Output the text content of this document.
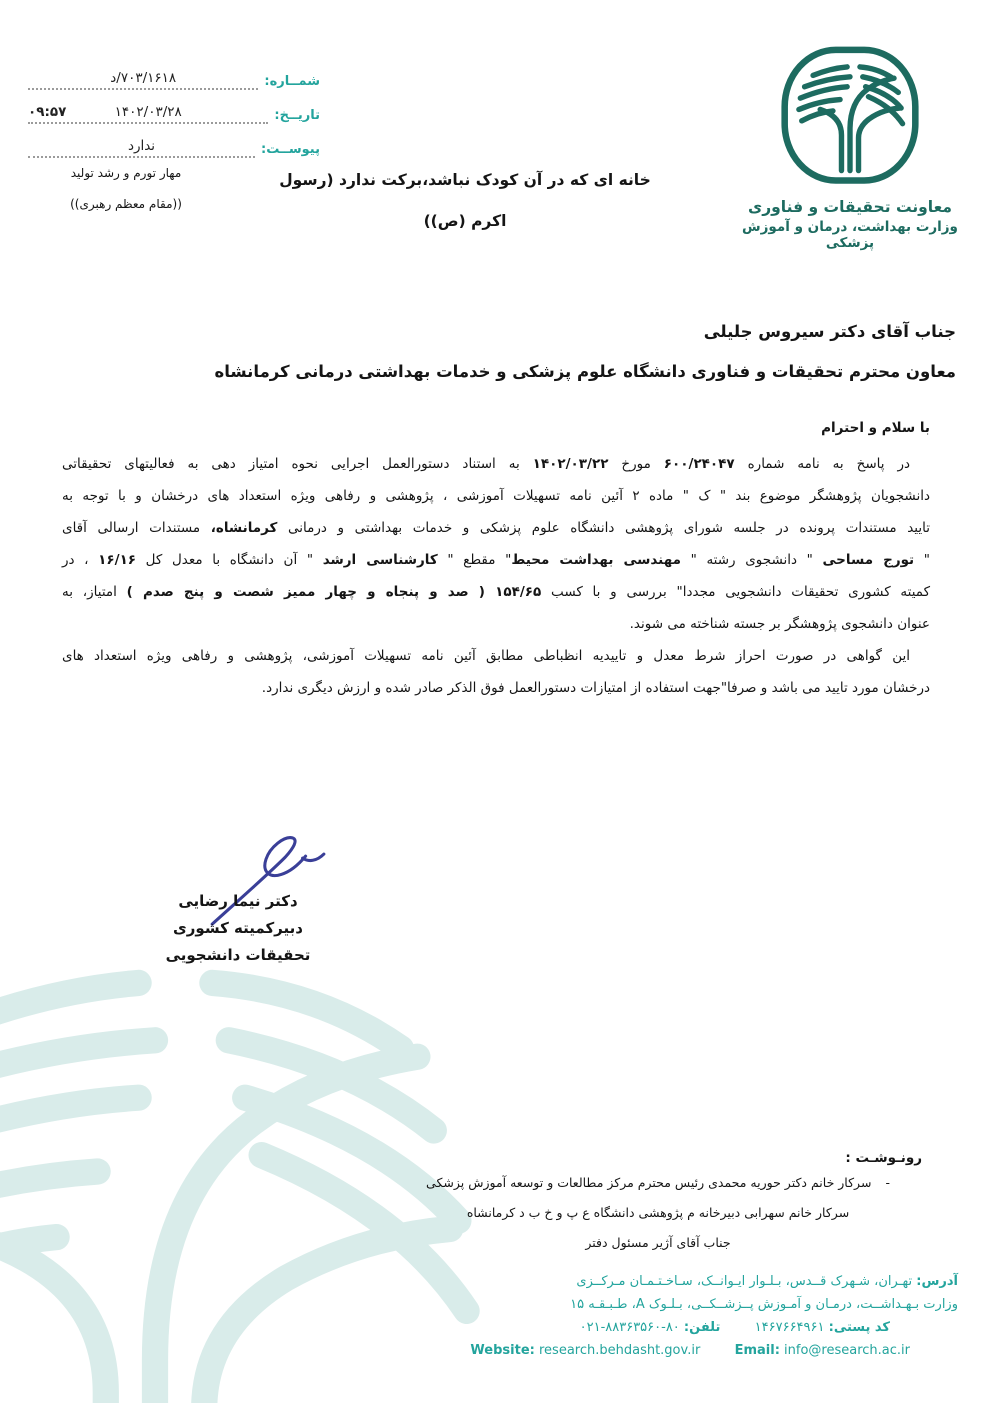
شمــاره:
۷۰۳/۱۶۱۸/د
تاریــخ:
۱۴۰۲/۰۳/۲۸
۰۹:۵۷
پیوســت:
ندارد
معاونت تحقیقات و فناوری
وزارت بهداشت، درمان و آموزش پزشکی
خانه ای که در آن کودک نباشد،برکت ندارد (رسول اکرم (ص))
مهار تورم و رشد تولید
((مقام معظم رهبری))
جناب آقای دکتر سیروس جلیلی
معاون محترم تحقیقات و فناوری دانشگاه علوم پزشکی و خدمات بهداشتی درمانی کرمانشاه
با سلام و احترام
در پاسخ به نامه شماره ۶۰۰/۲۴۰۴۷ مورخ ۱۴۰۲/۰۳/۲۲ به استناد دستورالعمل اجرایی نحوه امتیاز دهی به فعالیتهای تحقیقاتی
دانشجویان پژوهشگر موضوع بند " ک " ماده ۲ آئین نامه تسهیلات آموزشی ، پژوهشی و رفاهی ویژه استعداد های درخشان و با توجه به
تایید مستندات پرونده در جلسه شورای پژوهشی دانشگاه علوم پزشکی و خدمات بهداشتی و درمانی کرمانشاه، مستندات ارسالی آقای
" تورج مساحی " دانشجوی رشته " مهندسی بهداشت محیط" مقطع " کارشناسی ارشد " آن دانشگاه با معدل کل ۱۶/۱۶ ، در
کمیته کشوری تحقیقات دانشجویی مجددا" بررسی و با کسب ۱۵۴/۶۵ ( صد و پنجاه و چهار ممیز شصت و پنج صدم ) امتیاز، به
عنوان دانشجوی پژوهشگر بر جسته شناخته می شوند.
این گواهی در صورت احراز شرط معدل و تاییدیه انظباطی مطابق آئین نامه تسهیلات آموزشی، پژوهشی و رفاهی ویژه استعداد های
درخشان مورد تایید می باشد و صرفا"جهت استفاده از امتیازات دستورالعمل فوق الذکر صادر شده و ارزش دیگری ندارد.
دکتر نیما رضایی
دبیرکمیته کشوری
تحقیقات دانشجویی
رونـوشـت :
-سرکار خانم دکتر حوریه محمدی رئیس محترم مرکز مطالعات و توسعه آموزش پزشکی
سرکار خانم سهرابی دبیرخانه م پژوهشی دانشگاه ع پ و خ ب د کرمانشاه
جناب آقای آژیر مسئول دفتر
آدرس: تهـران، شـهرک قــدس، بـلـوار ایـوانــک، سـاخـتـمـان مـرکــزی
وزارت بـهـداشــت، درمـان و آمـوزش پــزشــکــی، بـلـوک A، طـبـقـه ۱۵
کد پستی: ۱۴۶۷۶۶۴۹۶۱  تلفن: ۰۲۱-۸۸۳۶۳۵۶۰-۸۰
Website: research.behdasht.gov.ir	Email: info@research.ac.ir
